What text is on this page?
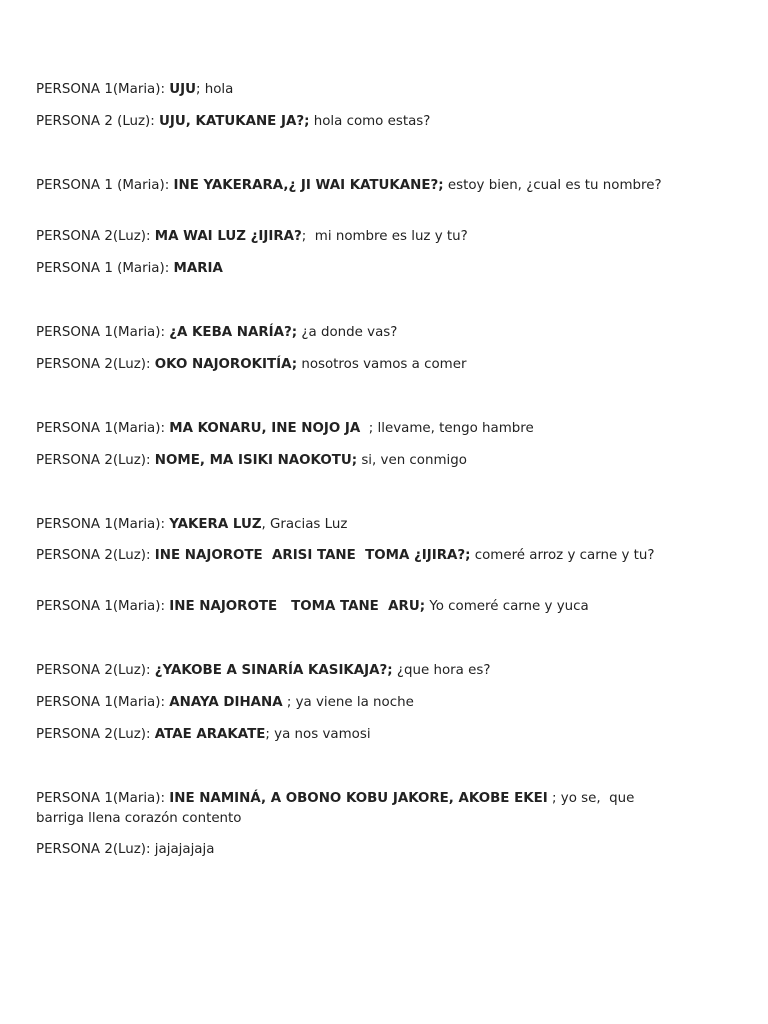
PERSONA 1(Maria): UJU; hola

PERSONA 2 (Luz): UJU, KATUKANE JA?; hola como estas?

PERSONA 1 (Maria): INE YAKERARA,¿ JI WAI KATUKANE?; estoy bien, ¿cual es tu nombre?

PERSONA 2(Luz): MA WAI LUZ ¿IJIRA?;  mi nombre es luz y tu?

PERSONA 1 (Maria): MARIA

PERSONA 1(Maria): ¿A KEBA NARÍA?; ¿a donde vas?

PERSONA 2(Luz): OKO NAJOROKITÍA; nosotros vamos a comer

PERSONA 1(Maria): MA KONARU, INE NOJO JA  ; llevame, tengo hambre

PERSONA 2(Luz): NOME, MA ISIKI NAOKOTU; si, ven conmigo

PERSONA 1(Maria): YAKERA LUZ, Gracias Luz

PERSONA 2(Luz): INE NAJOROTE  ARISI TANE  TOMA ¿IJIRA?; comeré arroz y carne y tu?

PERSONA 1(Maria): INE NAJOROTE   TOMA TANE  ARU; Yo comeré carne y yuca

PERSONA 2(Luz): ¿YAKOBE A SINARÍA KASIKAJA?; ¿que hora es?

PERSONA 1(Maria): ANAYA DIHANA ; ya viene la noche

PERSONA 2(Luz): ATAE ARAKATE; ya nos vamosi

PERSONA 1(Maria): INE NAMINÁ, A OBONO KOBU JAKORE, AKOBE EKEI ; yo se,  que barriga llena corazón contento

PERSONA 2(Luz): jajajajaja
